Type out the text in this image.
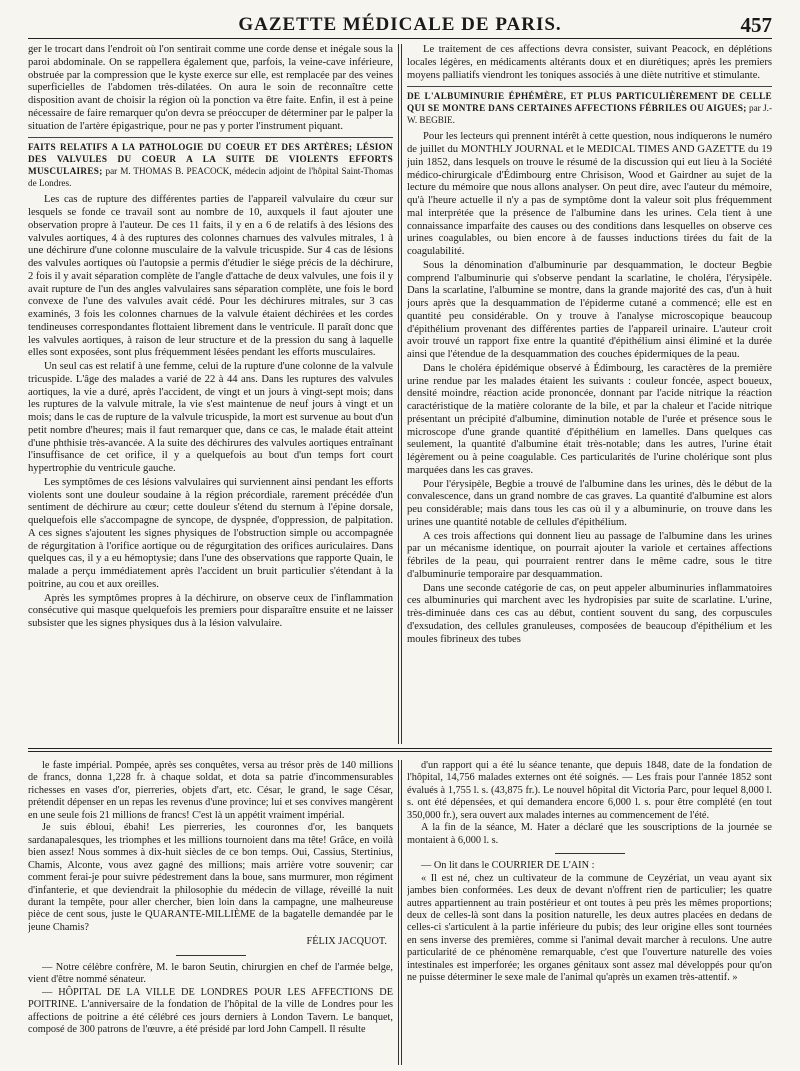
GAZETTE MÉDICALE DE PARIS.	457

ger le trocart dans l'endroit où l'on sentirait comme une corde dense et inégale sous la paroi abdominale. On se rappellera également que, parfois, la veine-cave inférieure, obstruée par la compression que le kyste exerce sur elle, est remplacée par des veines superficielles de l'abdomen très-dilatées. On aura le soin de reconnaître cette disposition avant de choisir la région où la ponction va être faite. Enfin, il est à peine nécessaire de faire remarquer qu'on devra se préoccuper de déterminer par le palper la situation de l'artère épigastrique, pour ne pas y porter l'instrument piquant.

FAITS RELATIFS A LA PATHOLOGIE DU COEUR ET DES ARTÈRES; LÉSION DES VALVULES DU COEUR A LA SUITE DE VIOLENTS EFFORTS MUSCULAIRES; par M. THOMAS B. PEACOCK, médecin adjoint de l'hôpital Saint-Thomas de Londres.

Les cas de rupture des différentes parties de l'appareil valvulaire du cœur sur lesquels se fonde ce travail sont au nombre de 10, auxquels il faut ajouter une observation propre à l'auteur. De ces 11 faits, il y en a 6 de relatifs à des lésions des valvules aortiques, 4 à des ruptures des colonnes charnues des valvules mitrales, 1 à une déchirure d'une colonne musculaire de la valvule tricuspide. Sur 4 cas de lésions des valvules aortiques où l'autopsie a permis d'étudier le siége précis de la déchirure, 2 fois il y avait séparation complète de l'angle d'attache de deux valvules, une fois il y avait rupture de l'un des angles valvulaires sans séparation complète, une fois le bord convexe de l'une des valvules avait cédé. Pour les déchirures mitrales, sur 3 cas examinés, 3 fois les colonnes charnues de la valvule étaient déchirées et les cordes tendineuses correspondantes flottaient librement dans le ventricule. Il paraît donc que les valvules aortiques, à raison de leur structure et de la pression du sang à laquelle elles sont exposées, sont plus fréquemment lésées pendant les efforts musculaires.

Un seul cas est relatif à une femme, celui de la rupture d'une colonne de la valvule tricuspide. L'âge des malades a varié de 22 à 44 ans. Dans les ruptures des valvules aortiques, la vie a duré, après l'accident, de vingt et un jours à vingt-sept mois; dans les ruptures de la valvule mitrale, la vie s'est maintenue de neuf jours à vingt et un mois; dans le cas de rupture de la valvule tricuspide, la mort est survenue au bout d'un petit nombre d'heures; mais il faut remarquer que, dans ce cas, le malade était atteint d'une phthisie très-avancée. A la suite des déchirures des valvules aortiques entraînant l'insuffisance de cet orifice, il y a quelquefois au bout d'un temps fort court hypertrophie du ventricule gauche.

Les symptômes de ces lésions valvulaires qui surviennent ainsi pendant les efforts violents sont une douleur soudaine à la région précordiale, rarement précédée d'un sentiment de déchirure au cœur; cette douleur s'étend du sternum à l'épine dorsale, quelquefois elle s'accompagne de syncope, de dyspnée, d'oppression, de palpitation. A ces signes s'ajoutent les signes physiques de l'obstruction simple ou accompagnée de régurgitation à l'orifice aortique ou de régurgitation des orifices auriculaires. Dans quelques cas, il y a eu hémoptysie; dans l'une des observations que rapporte Quain, le malade a perçu immédiatement après l'accident un bruit particulier s'étendant à la poitrine, au cou et aux oreilles.

Après les symptômes propres à la déchirure, on observe ceux de l'inflammation consécutive qui masque quelquefois les premiers pour disparaître ensuite et ne laisser subsister que les signes physiques dus à la lésion valvulaire.

Le traitement de ces affections devra consister, suivant Peacock, en déplétions locales légères, en médicaments altérants doux et en diurétiques; après les premiers moyens palliatifs viendront les toniques associés à une diète nutritive et stimulante.

DE L'ALBUMINURIE ÉPHÉMÈRE, ET PLUS PARTICULIÈREMENT DE CELLE QUI SE MONTRE DANS CERTAINES AFFECTIONS FÉBRILES OU AIGUES; par J.-W. BEGBIE.

Pour les lecteurs qui prennent intérêt à cette question, nous indiquerons le numéro de juillet du MONTHLY JOURNAL et le MEDICAL TIMES AND GAZETTE du 19 juin 1852, dans lesquels on trouve le résumé de la discussion qui eut lieu à la Société médico-chirurgicale d'Édimbourg entre Chrisison, Wood et Gairdner au sujet de la lecture du mémoire que nous allons analyser. On peut dire, avec l'auteur du mémoire, qu'à l'heure actuelle il n'y a pas de symptôme dont la valeur soit plus fréquemment mal interprétée que la présence de l'albumine dans les urines. Cela tient à une connaissance imparfaite des causes ou des conditions dans lesquelles on observe ces urines coagulables, ou bien encore à de fausses inductions tirées du fait de la coagulabilité.

Sous la dénomination d'albuminurie par desquammation, le docteur Begbie comprend l'albuminurie qui s'observe pendant la scarlatine, le choléra, l'érysipèle. Dans la scarlatine, l'albumine se montre, dans la grande majorité des cas, d'un à huit jours après que la desquammation de l'épiderme cutané a commencé; elle est en quantité peu considérable. On y trouve à l'analyse microscopique beaucoup d'épithélium provenant des différentes parties de l'appareil urinaire. L'auteur croit avoir trouvé un rapport fixe entre la quantité d'épithélium ainsi éliminé et la durée ainsi que l'étendue de la desquammation des couches épidermiques de la peau.

Dans le choléra épidémique observé à Édimbourg, les caractères de la première urine rendue par les malades étaient les suivants : couleur foncée, aspect boueux, densité moindre, réaction acide prononcée, donnant par l'acide nitrique la réaction caractéristique de la matière colorante de la bile, et par la chaleur et l'acide nitrique présentant un précipité d'albumine, diminution notable de l'urée et présence sous le microscope d'une grande quantité d'épithélium en lamelles. Dans quelques cas seulement, la quantité d'albumine était très-notable; dans les autres, l'urine était légèrement ou à peine coagulable. Ces particularités de l'urine cholérique sont plus marquées dans les cas graves.

Pour l'érysipèle, Begbie a trouvé de l'albumine dans les urines, dès le début de la convalescence, dans un grand nombre de cas graves. La quantité d'albumine est alors peu considérable; mais dans tous les cas où il y a albuminurie, on trouve dans les urines une quantité notable de cellules d'épithélium.

A ces trois affections qui donnent lieu au passage de l'albumine dans les urines par un mécanisme identique, on pourrait ajouter la variole et certaines affections fébriles de la peau, qui pourraient rentrer dans le même cadre, sous le titre d'albuminurie temporaire par desquammation.

Dans une seconde catégorie de cas, on peut appeler albuminuries inflammatoires ces albuminuries qui marchent avec les hydropisies par suite de scarlatine. L'urine, très-diminuée dans ces cas au début, contient souvent du sang, des corpuscules d'exsudation, des cellules granuleuses, composées de beaucoup d'épithélium et les moules fibrineux des tubes

le faste impérial. Pompée, après ses conquêtes, versa au trésor près de 140 millions de francs, donna 1,228 fr. à chaque soldat, et dota sa patrie d'incommensurables richesses en vases d'or, pierreries, objets d'art, etc. César, le grand, le sage César, prétendit dépenser en un repas les revenus d'une province; lui et ses convives mangèrent en une seule fois 21 millions de francs! C'est là un appétit vraiment impérial.

Je suis ébloui, ébahi! Les pierreries, les couronnes d'or, les banquets sardanapalesques, les triomphes et les millions tournoient dans ma tête! Grâce, en voilà bien assez! Nous sommes à dix-huit siècles de ce bon temps. Oui, Cassius, Stertinius, Chamis, Alconte, vous avez gagné des millions; mais arrière votre souvenir; car comment ferai-je pour suivre pédestrement dans la boue, sans murmurer, mon régiment d'infanterie, et que deviendrait la philosophie du médecin de village, réveillé la nuit durant la tempête, pour aller chercher, bien loin dans la campagne, une malheureuse pièce de cent sous, juste le QUARANTE-MILLIÈME de la bagatelle demandée par le jeune Chamis?

FÉLIX JACQUOT.

— Notre célèbre confrère, M. le baron Seutin, chirurgien en chef de l'armée belge, vient d'être nommé sénateur.

— HÔPITAL DE LA VILLE DE LONDRES POUR LES AFFECTIONS DE POITRINE. L'anniversaire de la fondation de l'hôpital de la ville de Londres pour les affections de poitrine a été célébré ces jours derniers à London Tavern. Le banquet, composé de 300 patrons de l'œuvre, a été présidé par lord John Campell. Il résulte

d'un rapport qui a été lu séance tenante, que depuis 1848, date de la fondation de l'hôpital, 14,756 malades externes ont été soignés. — Les frais pour l'année 1852 sont évalués à 1,755 l. s. (43,875 fr.). Le nouvel hôpital dit Victoria Parc, pour lequel 8,000 l. s. ont été dépensées, et qui demandera encore 6,000 l. s. pour être complété (en tout 350,000 fr.), sera ouvert aux malades internes au commencement de l'été.

A la fin de la séance, M. Hater a déclaré que les souscriptions de la journée se montaient à 6,000 l. s.

— On lit dans le COURRIER DE L'AIN :

« Il est né, chez un cultivateur de la commune de Ceyzériat, un veau ayant six jambes bien conformées. Les deux de devant n'offrent rien de particulier; les quatre autres appartiennent au train postérieur et ont toutes à peu près les mêmes proportions; deux de celles-là sont dans la position naturelle, les deux autres placées en dedans de celles-ci s'articulent à la partie inférieure du pubis; des leur origine elles sont tournées en sens inverse des premières, comme si l'animal devait marcher à reculons. Une autre particularité de ce phénomène remarquable, c'est que l'ouverture naturelle des voies intestinales est imperforée; les organes génitaux sont assez mal développés pour qu'on ne puisse déterminer le sexe male de l'animal qu'après un examen très-attentif. »
